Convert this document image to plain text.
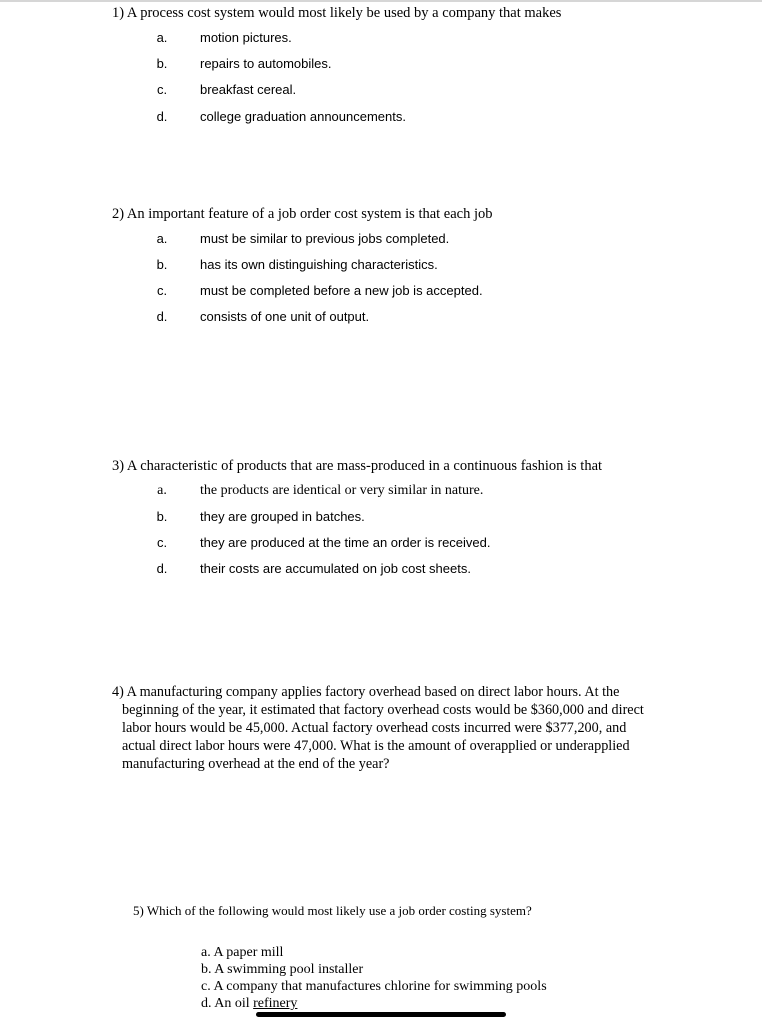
1) A process cost system would most likely be used by a company that makes

a.	motion pictures.
b.	repairs to automobiles.
c.	breakfast cereal.
d.	college graduation announcements.

2) An important feature of a job order cost system is that each job

a.	must be similar to previous jobs completed.
b.	has its own distinguishing characteristics.
c.	must be completed before a new job is accepted.
d.	consists of one unit of output.

3) A characteristic of products that are mass-produced in a continuous fashion is that

a. the products are identical or very similar in nature.
b.	they are grouped in batches.
c.	they are produced at the time an order is received.
d.	their costs are accumulated on job cost sheets.
4) A manufacturing company applies factory overhead based on direct labor hours. At the
beginning of the year, it estimated that factory overhead costs would be $360,000 and direct labor hours would be 45,000. Actual factory overhead costs incurred were $377,200, and actual direct labor hours were 47,000. What is the amount of overapplied or underapplied manufacturing overhead at the end of the year?

5) Which of the following would most likely use a job order costing system?

a. A paper mill
b. A swimming pool installer
c. A company that manufactures chlorine for swimming pools
d. An oil refinery
